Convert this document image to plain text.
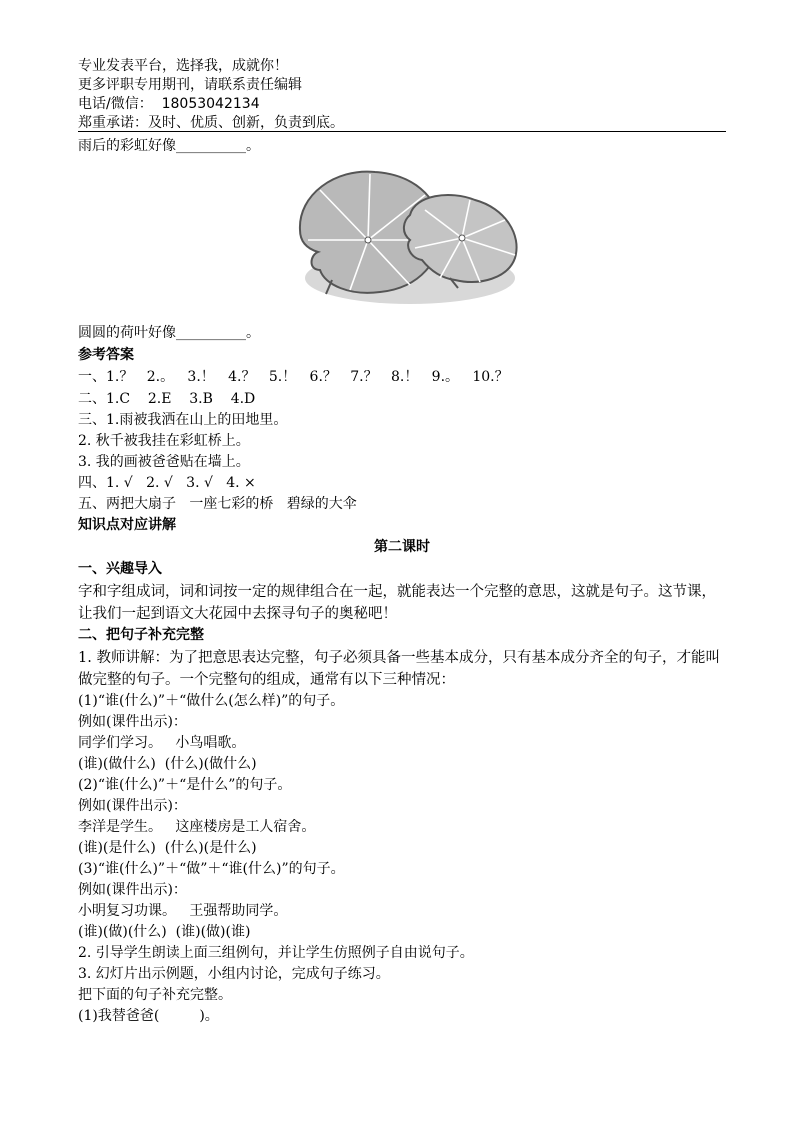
专业发表平台，选择我，成就你！
更多评职专用期刊，请联系责任编辑
电话/微信：  18053042134
郑重承诺：及时、优质、创新，负责到底。
雨后的彩虹好像__________。
圆圆的荷叶好像__________。
参考答案
一、1.？   2.。   3.！   4.？   5.！   6.？   7.？   8.！   9.。   10.？
二、1.C    2.E    3.B    4.D
三、1.雨被我洒在山上的田地里。
2. 秋千被我挂在彩虹桥上。
3. 我的画被爸爸贴在墙上。
四、1. √   2. √   3. √   4. ×
五、两把大扇子   一座七彩的桥   碧绿的大伞
知识点对应讲解
第二课时
一、兴趣导入
字和字组成词，词和词按一定的规律组合在一起，就能表达一个完整的意思，这就是句子。这节课，让我们一起到语文大花园中去探寻句子的奥秘吧！
二、把句子补充完整
1. 教师讲解：为了把意思表达完整，句子必须具备一些基本成分，只有基本成分齐全的句子，才能叫做完整的句子。一个完整句的组成，通常有以下三种情况：
(1)“谁(什么)”＋“做什么(怎么样)”的句子。
例如(课件出示)：
同学们学习。   小鸟唱歌。
(谁)(做什么)  (什么)(做什么)
(2)“谁(什么)”＋“是什么”的句子。
例如(课件出示)：
李洋是学生。   这座楼房是工人宿舍。
(谁)(是什么)  (什么)(是什么)
(3)“谁(什么)”＋“做”＋“谁(什么)”的句子。
例如(课件出示)：
小明复习功课。   王强帮助同学。
(谁)(做)(什么)  (谁)(做)(谁)
2. 引导学生朗读上面三组例句，并让学生仿照例子自由说句子。
3. 幻灯片出示例题，小组内讨论，完成句子练习。
把下面的句子补充完整。
(1)我替爸爸(         )。
